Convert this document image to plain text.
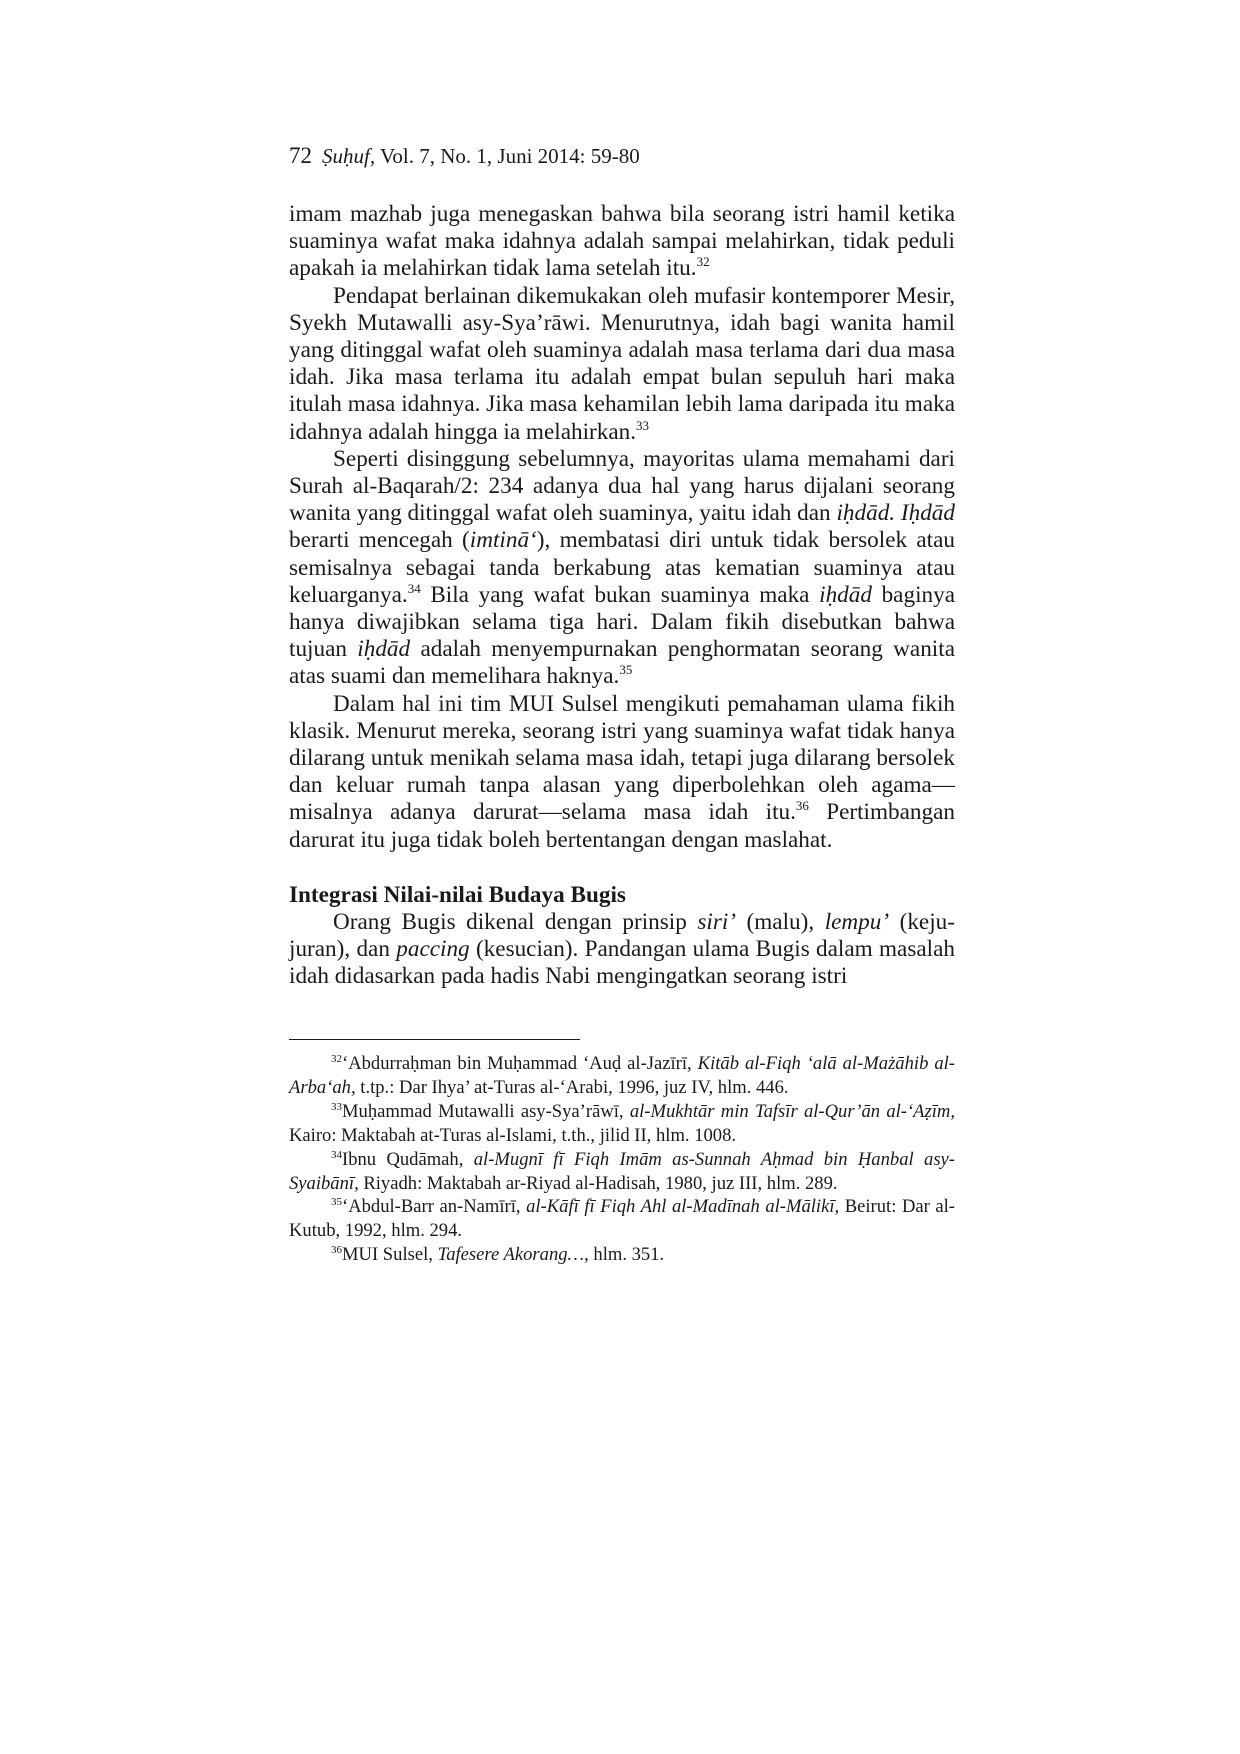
72 Ṣuḥuf, Vol. 7, No. 1, Juni 2014: 59-80

imam mazhab juga menegaskan bahwa bila seorang istri hamil ketika suaminya wafat maka idahnya adalah sampai melahirkan, tidak peduli apakah ia melahirkan tidak lama setelah itu.$^{32}$

Pendapat berlainan dikemukakan oleh mufasir kontemporer Mesir, Syekh Mutawalli asy-Sya’rāwi. Menurutnya, idah bagi wanita hamil yang ditinggal wafat oleh suaminya adalah masa terlama dari dua masa idah. Jika masa terlama itu adalah empat bulan sepuluh hari maka itulah masa idahnya. Jika masa kehamilan lebih lama daripada itu maka idahnya adalah hingga ia melahirkan.$^{33}$

Seperti disinggung sebelumnya, mayoritas ulama memahami dari Surah al-Baqarah/2: 234 adanya dua hal yang harus dijalani seorang wanita yang ditinggal wafat oleh suaminya, yaitu idah dan iḥdād. Iḥdād berarti mencegah (imtinā‘), membatasi diri untuk tidak bersolek atau semisalnya sebagai tanda berkabung atas kematian suaminya atau keluarganya.$^{34}$ Bila yang wafat bukan suaminya maka iḥdād baginya hanya diwajibkan selama tiga hari. Dalam fikih disebutkan bahwa tujuan iḥdād adalah menyempurnakan penghormatan seorang wanita atas suami dan memelihara haknya.$^{35}$

Dalam hal ini tim MUI Sulsel mengikuti pemahaman ulama fikih klasik. Menurut mereka, seorang istri yang suaminya wafat tidak hanya dilarang untuk menikah selama masa idah, tetapi juga dilarang bersolek dan keluar rumah tanpa alasan yang diperbolehkan oleh agama—misalnya adanya darurat—selama masa idah itu.$^{36}$ Pertimbangan darurat itu juga tidak boleh bertentangan dengan maslahat.

Integrasi Nilai-nilai Budaya Bugis

Orang Bugis dikenal dengan prinsip siri’ (malu), lempu’ (kejujuran), dan paccing (kesucian). Pandangan ulama Bugis dalam masalah idah didasarkan pada hadis Nabi mengingatkan seorang istri

$^{32}$‘Abdurraḥman bin Muḥammad ‘Auḍ al-Jazīrī, Kitāb al-Fiqh ‘alā al-Mażāhib al-Arba‘ah, t.tp.: Dar Ihya’ at-Turas al-‘Arabi, 1996, juz IV, hlm. 446.

$^{33}$Muḥammad Mutawalli asy-Sya’rāwī, al-Mukhtār min Tafsīr al-Qur’ān al-‘Aẓīm, Kairo: Maktabah at-Turas al-Islami, t.th., jilid II, hlm. 1008.

$^{34}$Ibnu Qudāmah, al-Mugnī fī Fiqh Imām as-Sunnah Aḥmad bin Ḥanbal asy-Syaibānī, Riyadh: Maktabah ar-Riyad al-Hadisah, 1980, juz III, hlm. 289.

$^{35}$‘Abdul-Barr an-Namīrī, al-Kāfī fī Fiqh Ahl al-Madīnah al-Mālikī, Beirut: Dar al-Kutub, 1992, hlm. 294.

$^{36}$MUI Sulsel, Tafesere Akorang…, hlm. 351.
